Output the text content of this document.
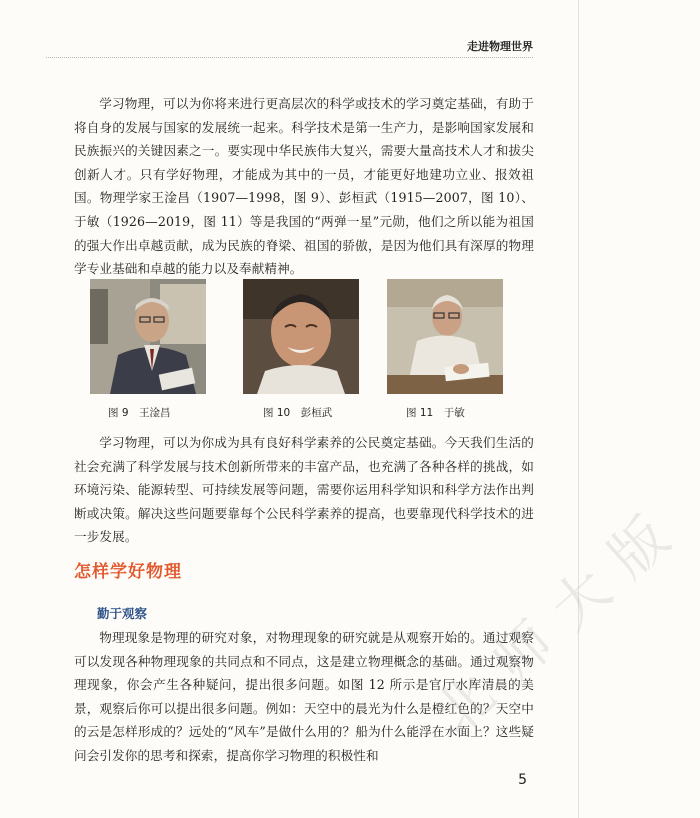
走进物理世界

学习物理，可以为你将来进行更高层次的科学或技术的学习奠定基础，有助于将自身的发展与国家的发展统一起来。科学技术是第一生产力，是影响国家发展和民族振兴的关键因素之一。要实现中华民族伟大复兴，需要大量高技术人才和拔尖创新人才。只有学好物理，才能成为其中的一员，才能更好地建功立业、报效祖国。物理学家王淦昌（1907—1998，图 9）、彭桓武（1915—2007，图 10）、于敏（1926—2019，图 11）等是我国的“两弹一星”元勋，他们之所以能为祖国的强大作出卓越贡献，成为民族的脊梁、祖国的骄傲，是因为他们具有深厚的物理学专业基础和卓越的能力以及奉献精神。

图 9　王淦昌	图 10　彭桓武	图 11　于敏

学习物理，可以为你成为具有良好科学素养的公民奠定基础。今天我们生活的社会充满了科学发展与技术创新所带来的丰富产品，也充满了各种各样的挑战，如环境污染、能源转型、可持续发展等问题，需要你运用科学知识和科学方法作出判断或决策。解决这些问题要靠每个公民科学素养的提高，也要靠现代科学技术的进一步发展。

怎样学好物理
勤于观察

物理现象是物理的研究对象，对物理现象的研究就是从观察开始的。通过观察可以发现各种物理现象的共同点和不同点，这是建立物理概念的基础。通过观察物理现象，你会产生各种疑问，提出很多问题。如图 12 所示是官厅水库清晨的美景，观察后你可以提出很多问题。例如：天空中的晨光为什么是橙红色的？天空中的云是怎样形成的？远处的“风车”是做什么用的？船为什么能浮在水面上？这些疑问会引发你的思考和探索，提高你学习物理的积极性和

北师大版
5
